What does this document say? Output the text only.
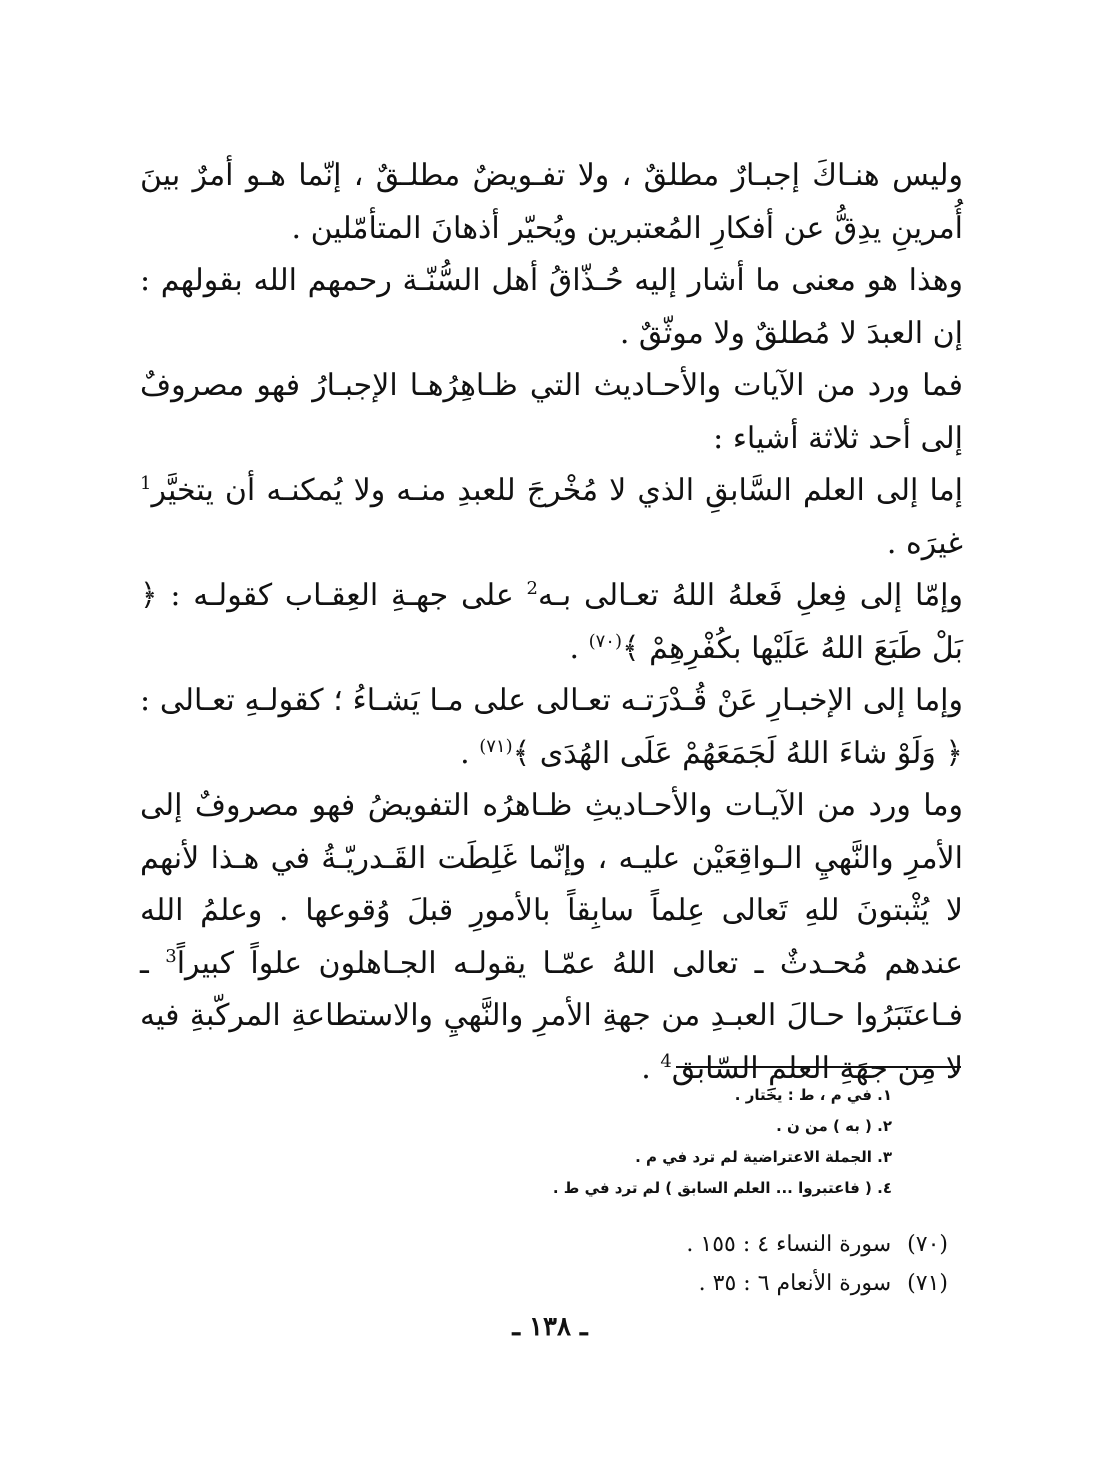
وليس هنـاكَ إجبـارٌ مطلقٌ ، ولا تفـويضٌ مطلـقٌ ، إنّما هـو أمرٌ بينَ أُمرينِ يدِقُّ عن أفكارِ المُعتبرين ويُحيّر أذهانَ المتأمّلين .

وهذا هو معنى ما أشار إليه حُـذّاقُ أهل السُّنّـة رحمهم الله بقولهم : إن العبدَ لا مُطلقٌ ولا موثّقٌ .

فما ورد من الآيات والأحـاديث التي ظـاهِرُهـا الإجبـارُ فهو مصروفٌ إلى أحد ثلاثة أشياء :

إما إلى العلم السَّابقِ الذي لا مُخْرجَ للعبدِ منـه ولا يُمكنـه أن يتخيَّر$^1$ غيرَه .

وإمّا إلى فِعلِ فَعلهُ اللهُ تعـالى بـه$^2$ على جهـةِ العِقـاب كقولـه : ﴿ بَلْ طَبَعَ اللهُ عَلَيْها بكُفْرِهِمْ ﴾$^{(٧٠)}$ .

وإما إلى الإخبـارِ عَنْ قُـدْرَتـه تعـالى على مـا يَشـاءُ ؛ كقولـهِ تعـالى : ﴿ وَلَوْ شاءَ اللهُ لَجَمَعَهُمْ عَلَى الهُدَى ﴾$^{(٧١)}$ .

وما ورد من الآيـات والأحـاديثِ ظـاهرُه التفويضُ فهو مصروفٌ إلى الأمرِ والنَّهيِ الـواقِعَيْن عليـه ، وإنّما غَلِطَت القَـدريّـةُ في هـذا لأنهم لا يُثْبتونَ للهِ تَعالى عِلماً سابِقاً بالأمورِ قبلَ وُقوعها . وعلمُ الله عندهم مُحـدثٌ ـ تعالى اللهُ عمّـا يقولـه الجـاهلون علواً كبيراً$^3$ ـ فـاعتَبَرُوا حـالَ العبـدِ من جهةِ الأمرِ والنَّهيِ والاستطاعةِ المركّبةِ فيه لا مِن جهَةِ العلمِ السّابق$^4$ .

١. في م ، ط : يختار .
٢. ( به ) من ن .
٣. الجملة الاعتراضية لم ترد في م .
٤. ( فاعتبروا ... العلم السابق ) لم ترد في ط .
(٧٠)سورة النساء ٤ : ١٥٥ .
(٧١)سورة الأنعام ٦ : ٣٥ .
ـ ١٣٨ ـ
